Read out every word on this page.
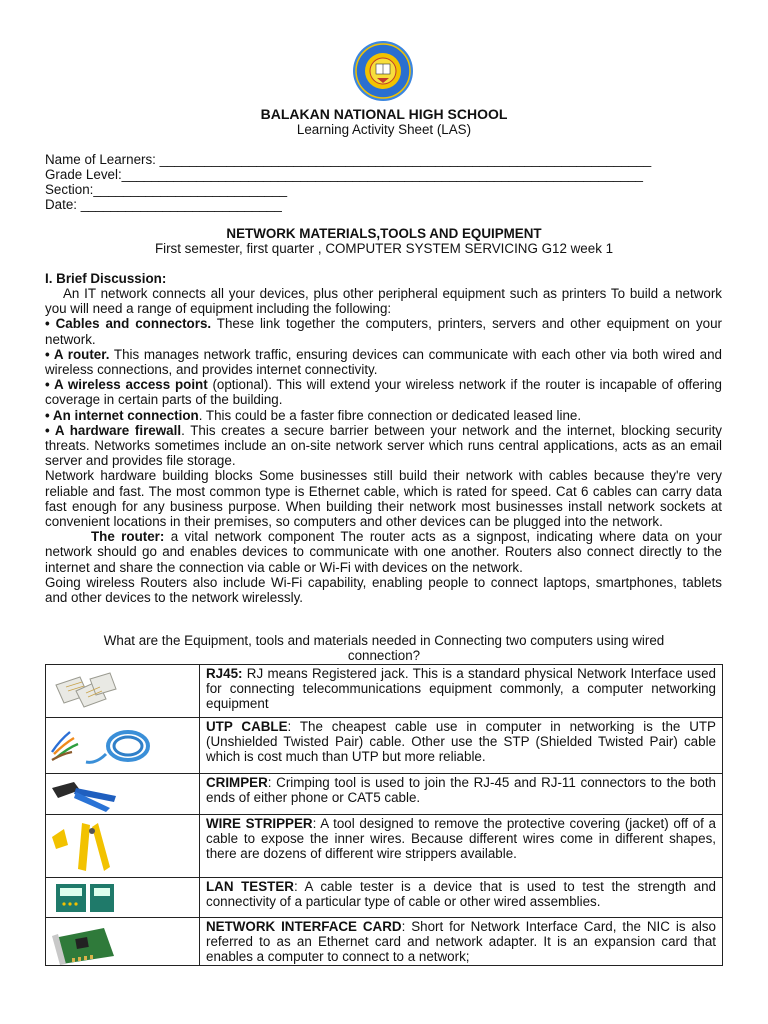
BALAKAN NATIONAL HIGH SCHOOL
Learning Activity Sheet (LAS)
Name of Learners: __________________________________________________________________
Grade Level:______________________________________________________________________
Section:__________________________
Date: ___________________________
NETWORK MATERIALS,TOOLS AND EQUIPMENT
First semester, first quarter , COMPUTER SYSTEM SERVICING G12 week 1
I. Brief Discussion:

An IT network connects all your devices, plus other peripheral equipment such as printers To build a network you will need a range of equipment including the following:

• Cables and connectors. These link together the computers, printers, servers and other equipment on your network.

• A router. This manages network traffic, ensuring devices can communicate with each other via both wired and wireless connections, and provides internet connectivity.

• A wireless access point (optional). This will extend your wireless network if the router is incapable of offering coverage in certain parts of the building.

• An internet connection. This could be a faster fibre connection or dedicated leased line.

• A hardware firewall. This creates a secure barrier between your network and the internet, blocking security threats. Networks sometimes include an on-site network server which runs central applications, acts as an email server and provides file storage.

Network hardware building blocks Some businesses still build their network with cables because they're very reliable and fast. The most common type is Ethernet cable, which is rated for speed. Cat 6 cables can carry data fast enough for any business purpose. When building their network most businesses install network sockets at convenient locations in their premises, so computers and other devices can be plugged into the network.

The router: a vital network component The router acts as a signpost, indicating where data on your network should go and enables devices to communicate with one another. Routers also connect directly to the internet and share the connection via cable or Wi-Fi with devices on the network.

Going wireless Routers also include Wi-Fi capability, enabling people to connect laptops, smartphones, tablets and other devices to the network wirelessly.

What are the Equipment, tools and materials needed in Connecting two computers using wired
connection?
	RJ45: RJ means Registered jack. This is a standard physical Network Interface used for connecting telecommunications equipment commonly, a computer networking equipment

	UTP CABLE: The cheapest cable use in computer in networking is the UTP (Unshielded Twisted Pair) cable. Other use the STP (Shielded Twisted Pair) cable which is cost much than UTP but more reliable.

	CRIMPER: Crimping tool is used to join the RJ-45 and RJ-11 connectors to the both ends of either phone or CAT5 cable.

	WIRE STRIPPER: A tool designed to remove the protective covering (jacket) off of a cable to expose the inner wires. Because different wires come in different shapes, there are dozens of different wire strippers available.

	LAN TESTER: A cable tester is a device that is used to test the strength and connectivity of a particular type of cable or other wired assemblies.

	NETWORK INTERFACE CARD: Short for Network Interface Card, the NIC is also referred to as an Ethernet card and network adapter. It is an expansion card that enables a computer to connect to a network;
